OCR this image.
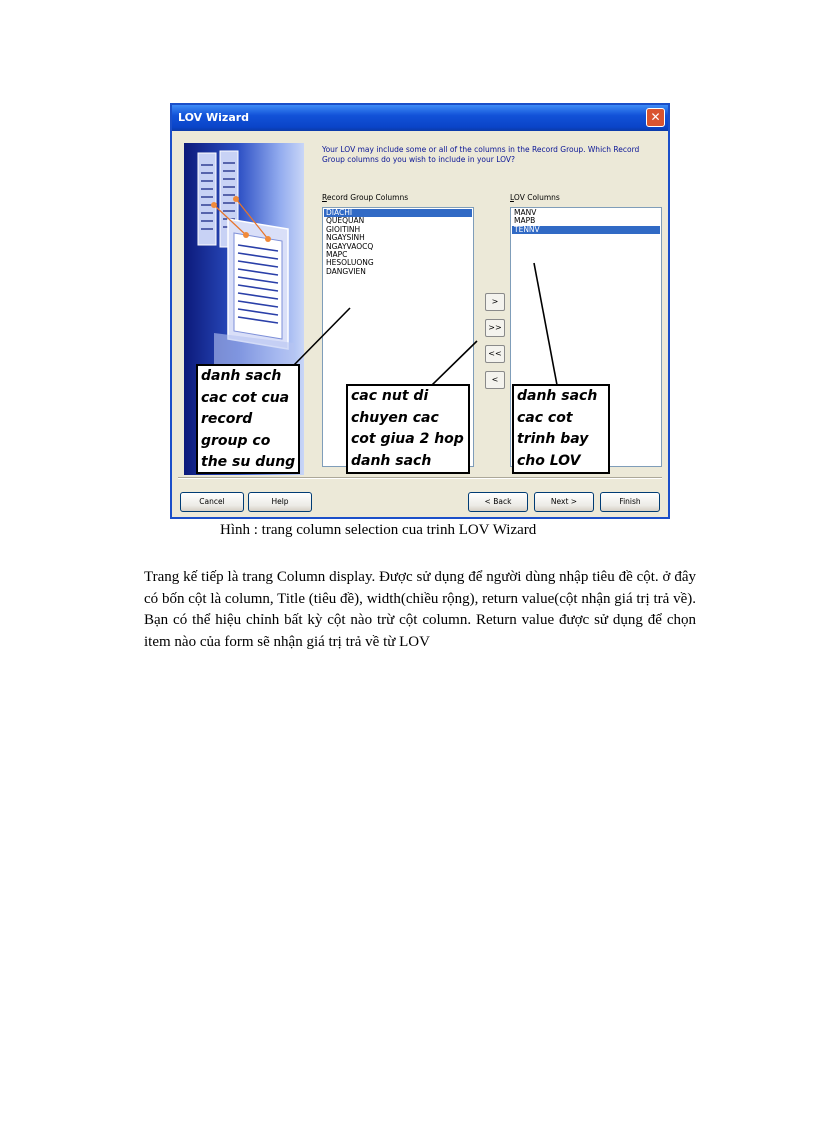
LOV Wizard	✕
Your LOV may include some or all of the columns in the Record Group. Which Record Group columns do you wish to include in your LOV?
Record Group Columns
DIACHI
QUEQUAN
GIOITINH
NGAYSINH
NGAYVAOCQ
MAPC
HESOLUONG
DANGVIEN
LOV Columns
MANV
MAPB
TENNV
>
>>
<<
<
Cancel	Help	< Back	Next >	Finish
danh sach
cac cot cua
record
group co
the su dung
cac nut di
chuyen cac
cot giua 2 hop
danh sach
danh sach
cac cot
trinh bay
cho LOV
Hình : trang column selection cua trinh LOV Wizard

Trang kế tiếp là trang Column display. Được sử dụng để người dùng nhập tiêu đề cột. ở đây có bốn cột là column, Title (tiêu đề), width(chiều rộng), return value(cột nhận giá trị trả về). Bạn có thể hiệu chỉnh bất kỳ cột nào trừ cột column. Return value được sử dụng để chọn item nào của form sẽ nhận giá trị trả về từ LOV
